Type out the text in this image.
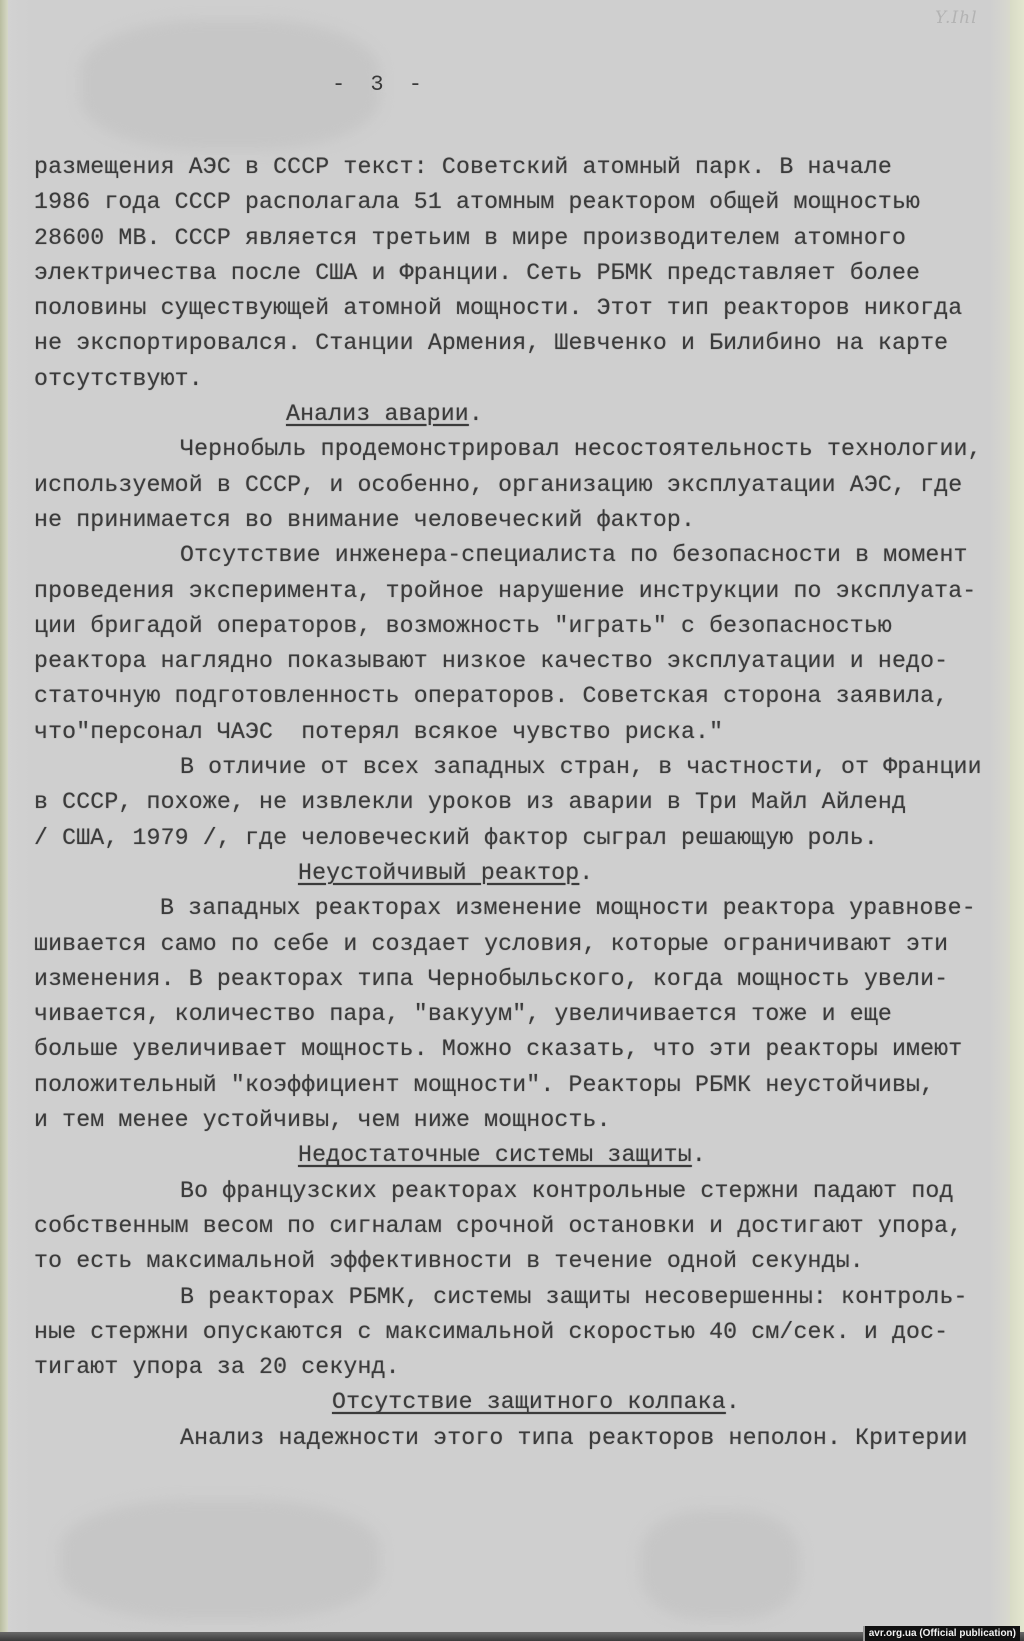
Y.Ihl
- 3 -
размещения АЭС в СССР текст: Советский атомный парк. В начале
1986 года СССР располагала 51 атомным реактором общей мощностью
28600 МВ. СССР является третьим в мире производителем атомного
электричества после США и Франции. Сеть РБМК представляет более
половины существующей атомной мощности. Этот тип реакторов никогда
не экспортировался. Станции Армения, Шевченко и Билибино на карте
отсутствуют.
Анализ аварии.
Чернобыль продемонстрировал несостоятельность технологии,
используемой в СССР, и особенно, организацию эксплуатации АЭС, где
не принимается во внимание человеческий фактор.
Отсутствие инженера-специалиста по безопасности в момент
проведения эксперимента, тройное нарушение инструкции по эксплуата-
ции бригадой операторов, возможность "играть" с безопасностью
реактора наглядно показывают низкое качество эксплуатации и недо-
статочную подготовленность операторов. Советская сторона заявила,
что"персонал ЧАЭС  потерял всякое чувство риска."
В отличие от всех западных стран, в частности, от Франции
в СССР, похоже, не извлекли уроков из аварии в Три Майл Айленд
/ США, 1979 /, где человеческий фактор сыграл решающую роль.
Неустойчивый реактор.
В западных реакторах изменение мощности реактора уравнове-
шивается само по себе и создает условия, которые ограничивают эти
изменения. В реакторах типа Чернобыльского, когда мощность увели-
чивается, количество пара, "вакуум", увеличивается тоже и еще
больше увеличивает мощность. Можно сказать, что эти реакторы имеют
положительный "коэффициент мощности". Реакторы РБМК неустойчивы,
и тем менее устойчивы, чем ниже мощность.
Недостаточные системы защиты.
Во французских реакторах контрольные стержни падают под
собственным весом по сигналам срочной остановки и достигают упора,
то есть максимальной эффективности в течение одной секунды.
В реакторах РБМК, системы защиты несовершенны: контроль-
ные стержни опускаются с максимальной скоростью 40 см/сек. и дос-
тигают упора за 20 секунд.
Отсутствие защитного колпака.
Анализ надежности этого типа реакторов неполон. Критерии
avr.org.ua (Official publication)
